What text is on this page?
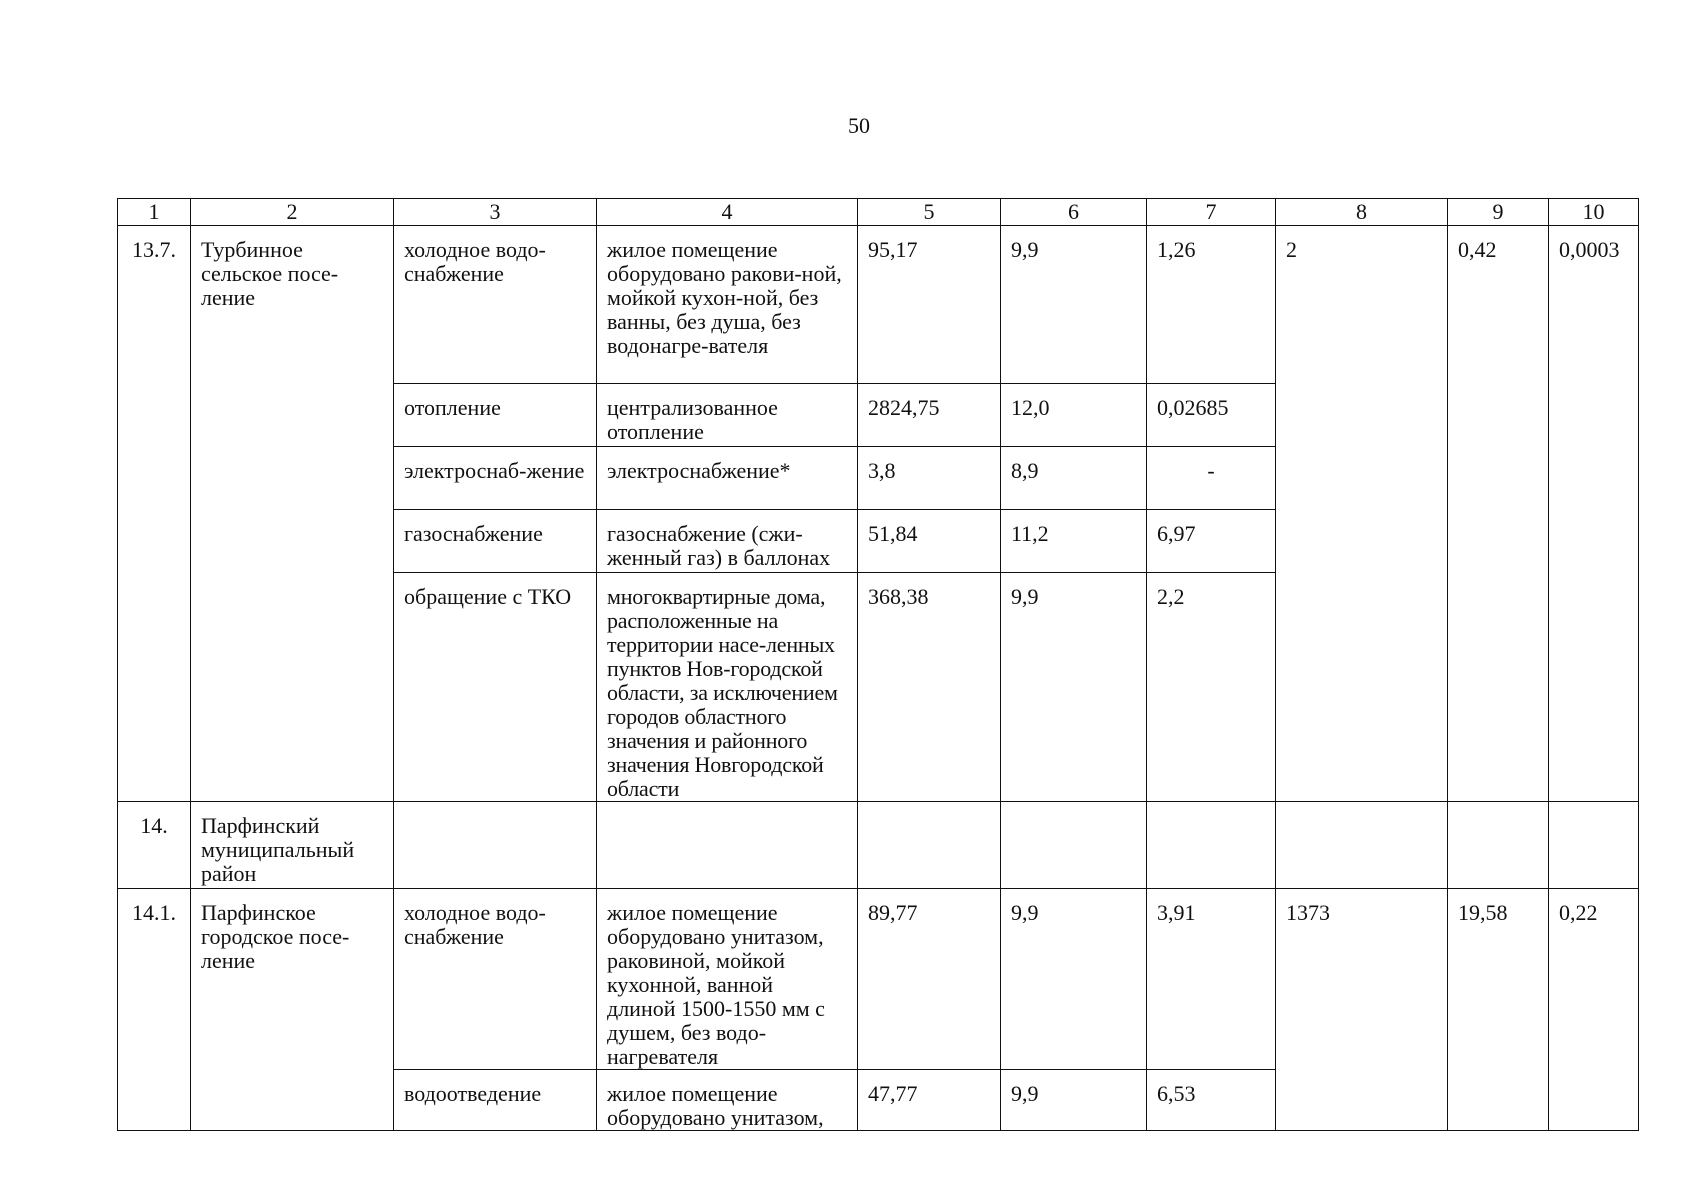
50
1	2	3	4	5	6	7	8	9	10
13.7.	Турбинное сельское посе-ление	холодное водо-снабжение	жилое помещение оборудовано ракови-ной, мойкой кухон-ной, без ванны, без душа, без водонагре-вателя	95,17	9,9	1,26	2	0,42	0,0003
		отопление	централизованное отопление	2824,75	12,0	0,02685			
		электроснаб-жение	электроснабжение*	3,8	8,9	-			
		газоснабжение	газоснабжение (сжи-женный газ) в баллонах	51,84	11,2	6,97			
		обращение с ТКО	многоквартирные дома, расположенные на территории насе-ленных пунктов Нов-городской области, за исключением городов областного значения и районного значения Новгородской области	368,38	9,9	2,2			
14.	Парфинский муниципальный район								
14.1.	Парфинское городское посе-ление	холодное водо-снабжение	жилое помещение оборудовано унитазом, раковиной, мойкой кухонной, ванной длиной 1500-1550 мм с душем, без водо-нагревателя	89,77	9,9	3,91	1373	19,58	0,22
		водоотведение	жилое помещение оборудовано унитазом,	47,77	9,9	6,53			
